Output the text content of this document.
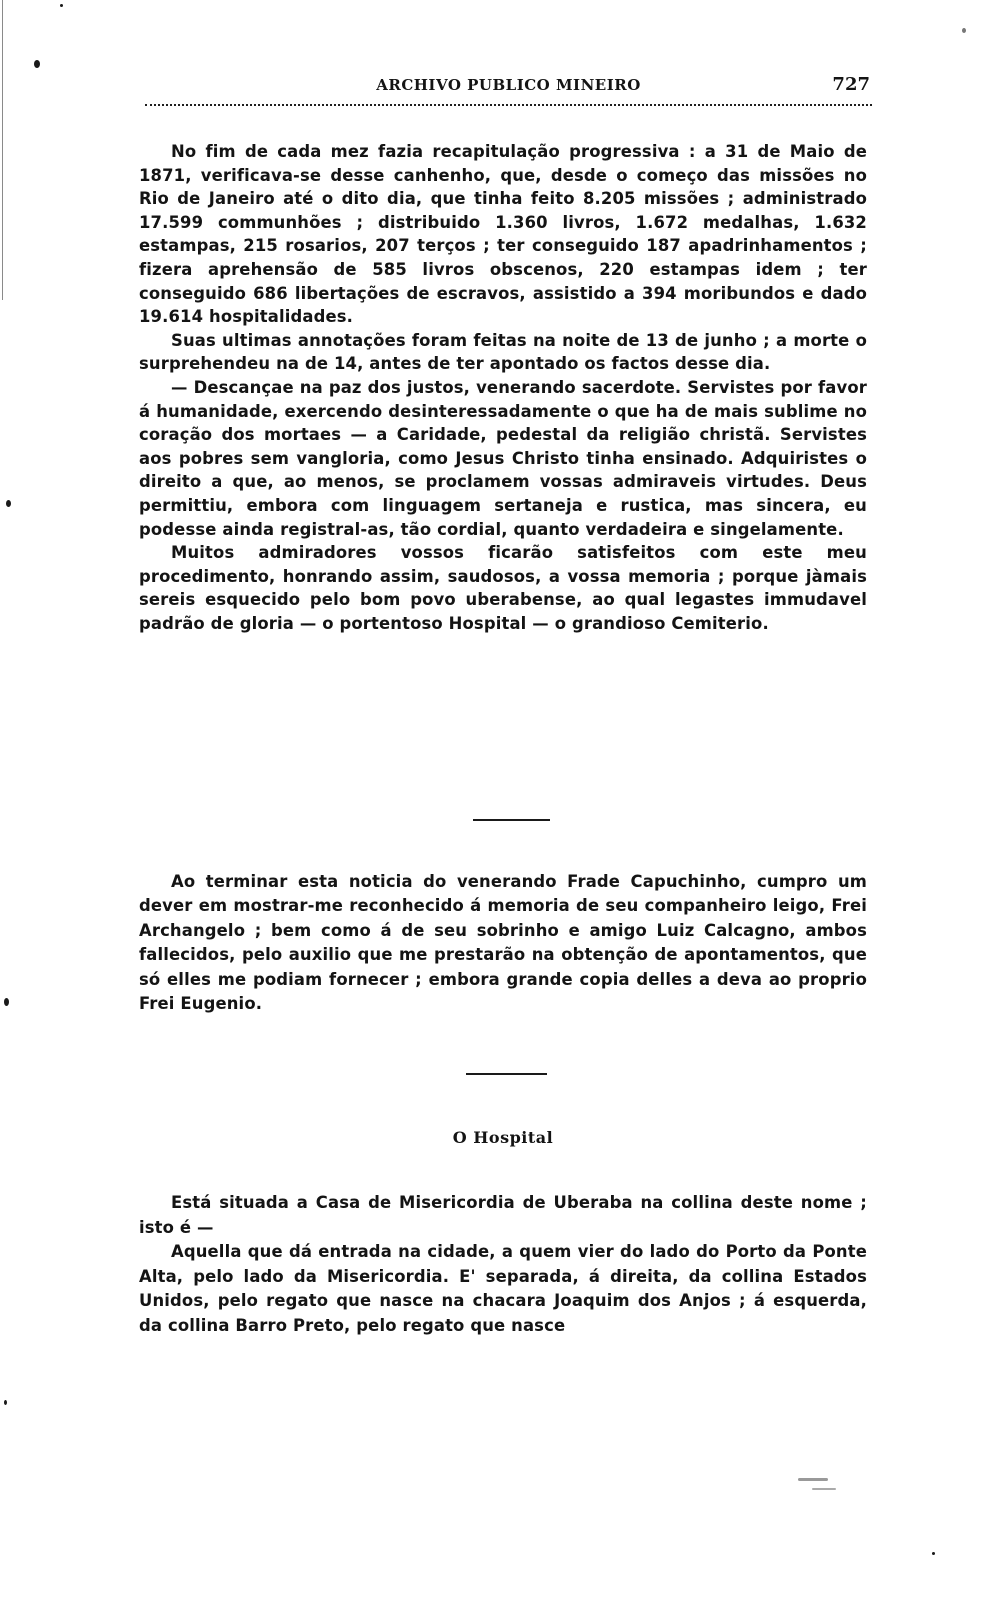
ARCHIVO PUBLICO MINEIRO	727

No fim de cada mez fazia recapitulação progressiva : a 31 de Maio de 1871, verificava-se desse canhenho, que, desde o começo das missões no Rio de Janeiro até o dito dia, que tinha feito 8.205 missões ; administrado 17.599 communhões ; distribuido 1.360 livros, 1.672 medalhas, 1.632 estampas, 215 rosarios, 207 terços ; ter conseguido 187 apadrinhamentos ; fizera aprehensão de 585 livros obscenos, 220 estampas idem ; ter conseguido 686 libertações de escravos, assistido a 394 moribundos e dado 19.614 hospitalidades.

Suas ultimas annotações foram feitas na noite de 13 de junho ; a morte o surprehendeu na de 14, antes de ter apontado os factos desse dia.

— Descançae na paz dos justos, venerando sacerdote. Servistes por favor á humanidade, exercendo desinteressadamente o que ha de mais sublime no coração dos mortaes — a Caridade, pedestal da religião christã. Servistes aos pobres sem vangloria, como Jesus Christo tinha ensinado. Adquiristes o direito a que, ao menos, se proclamem vossas admiraveis virtudes. Deus permittiu, embora com linguagem sertaneja e rustica, mas sincera, eu podesse ainda registral-as, tão cordial, quanto verdadeira e singelamente.

Muitos admiradores vossos ficarão satisfeitos com este meu procedimento, honrando assim, saudosos, a vossa memoria ; porque jàmais sereis esquecido pelo bom povo uberabense, ao qual legastes immudavel padrão de gloria — o portentoso Hospital — o grandioso Cemiterio.

Ao terminar esta noticia do venerando Frade Capuchinho, cumpro um dever em mostrar-me reconhecido á memoria de seu companheiro leigo, Frei Archangelo ; bem como á de seu sobrinho e amigo Luiz Calcagno, ambos fallecidos, pelo auxilio que me prestarão na obtenção de apontamentos, que só elles me podiam fornecer ; embora grande copia delles a deva ao proprio Frei Eugenio.

O Hospital

Está situada a Casa de Misericordia de Uberaba na collina deste nome ; isto é —

Aquella que dá entrada na cidade, a quem vier do lado do Porto da Ponte Alta, pelo lado da Misericordia. E' separada, á direita, da collina Estados Unidos, pelo regato que nasce na chacara Joaquim dos Anjos ; á esquerda, da collina Barro Preto, pelo regato que nasce
